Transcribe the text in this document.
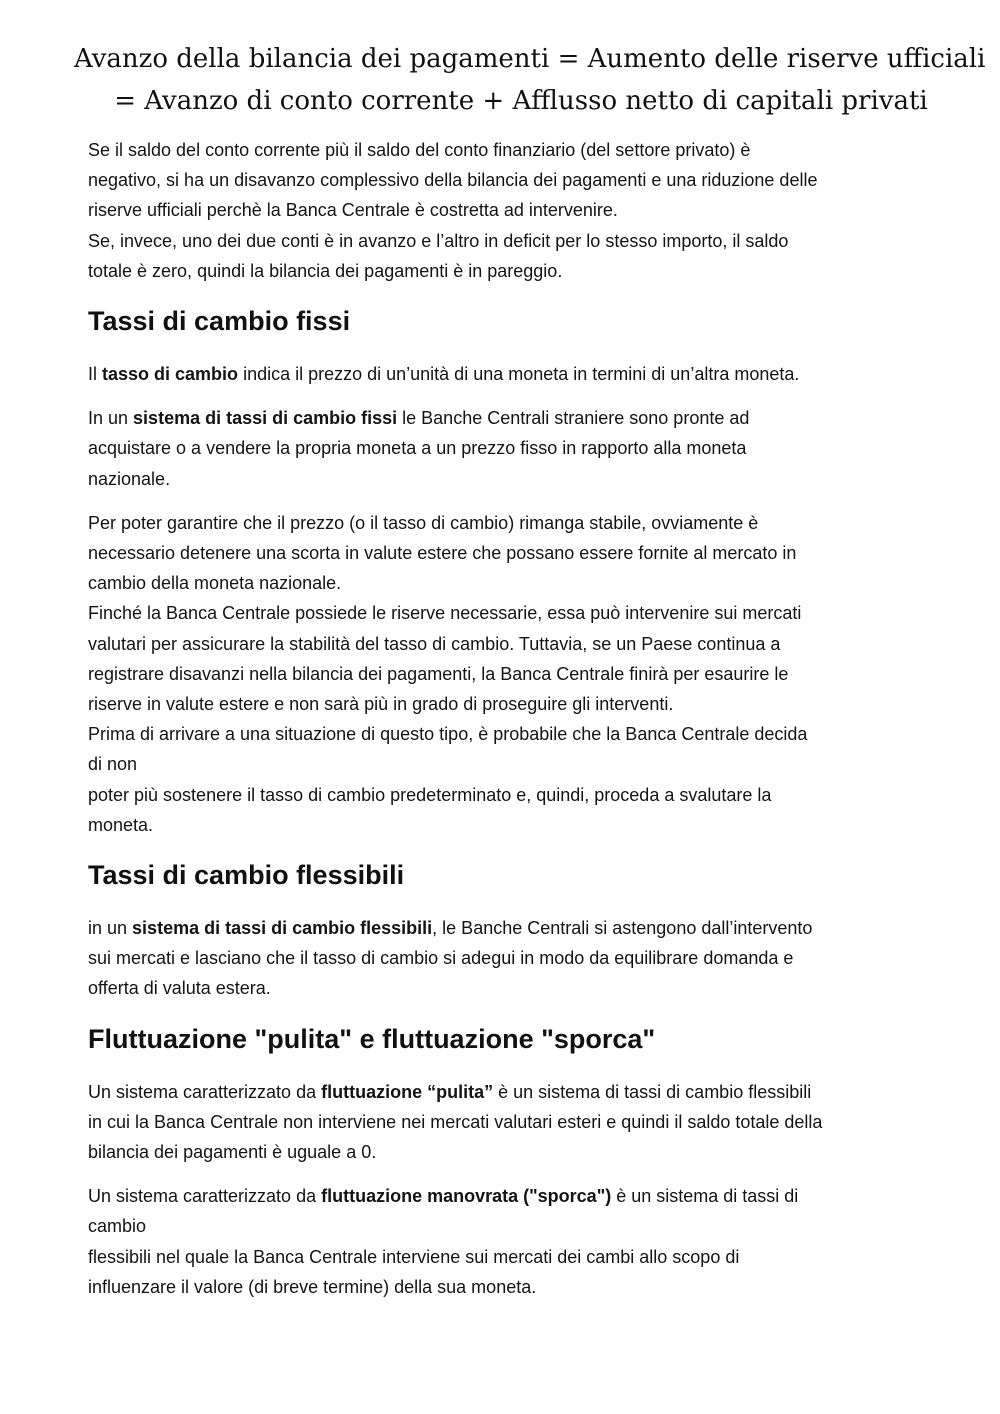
Avanzo della bilancia dei pagamenti = Aumento delle riserve ufficiali
= Avanzo di conto corrente + Afflusso netto di capitali privati
Se il saldo del conto corrente più il saldo del conto finanziario (del settore privato) è
negativo, si ha un disavanzo complessivo della bilancia dei pagamenti e una riduzione delle
riserve ufficiali perchè la Banca Centrale è costretta ad intervenire.
Se, invece, uno dei due conti è in avanzo e l’altro in deficit per lo stesso importo, il saldo
totale è zero, quindi la bilancia dei pagamenti è in pareggio.
Tassi di cambio fissi
Il tasso di cambio indica il prezzo di un’unità di una moneta in termini di un’altra moneta.
In un sistema di tassi di cambio fissi le Banche Centrali straniere sono pronte ad
acquistare o a vendere la propria moneta a un prezzo fisso in rapporto alla moneta
nazionale.
Per poter garantire che il prezzo (o il tasso di cambio) rimanga stabile, ovviamente è
necessario detenere una scorta in valute estere che possano essere fornite al mercato in
cambio della moneta nazionale.
Finché la Banca Centrale possiede le riserve necessarie, essa può intervenire sui mercati
valutari per assicurare la stabilità del tasso di cambio. Tuttavia, se un Paese continua a
registrare disavanzi nella bilancia dei pagamenti, la Banca Centrale finirà per esaurire le
riserve in valute estere e non sarà più in grado di proseguire gli interventi.
Prima di arrivare a una situazione di questo tipo, è probabile che la Banca Centrale decida
di non
poter più sostenere il tasso di cambio predeterminato e, quindi, proceda a svalutare la
moneta.
Tassi di cambio flessibili
in un sistema di tassi di cambio flessibili, le Banche Centrali si astengono dall’intervento
sui mercati e lasciano che il tasso di cambio si adegui in modo da equilibrare domanda e
offerta di valuta estera.
Fluttuazione "pulita" e fluttuazione "sporca"
Un sistema caratterizzato da fluttuazione “pulita” è un sistema di tassi di cambio flessibili
in cui la Banca Centrale non interviene nei mercati valutari esteri e quindi il saldo totale della
bilancia dei pagamenti è uguale a 0.
Un sistema caratterizzato da fluttuazione manovrata ("sporca") è un sistema di tassi di
cambio
flessibili nel quale la Banca Centrale interviene sui mercati dei cambi allo scopo di
influenzare il valore (di breve termine) della sua moneta.
